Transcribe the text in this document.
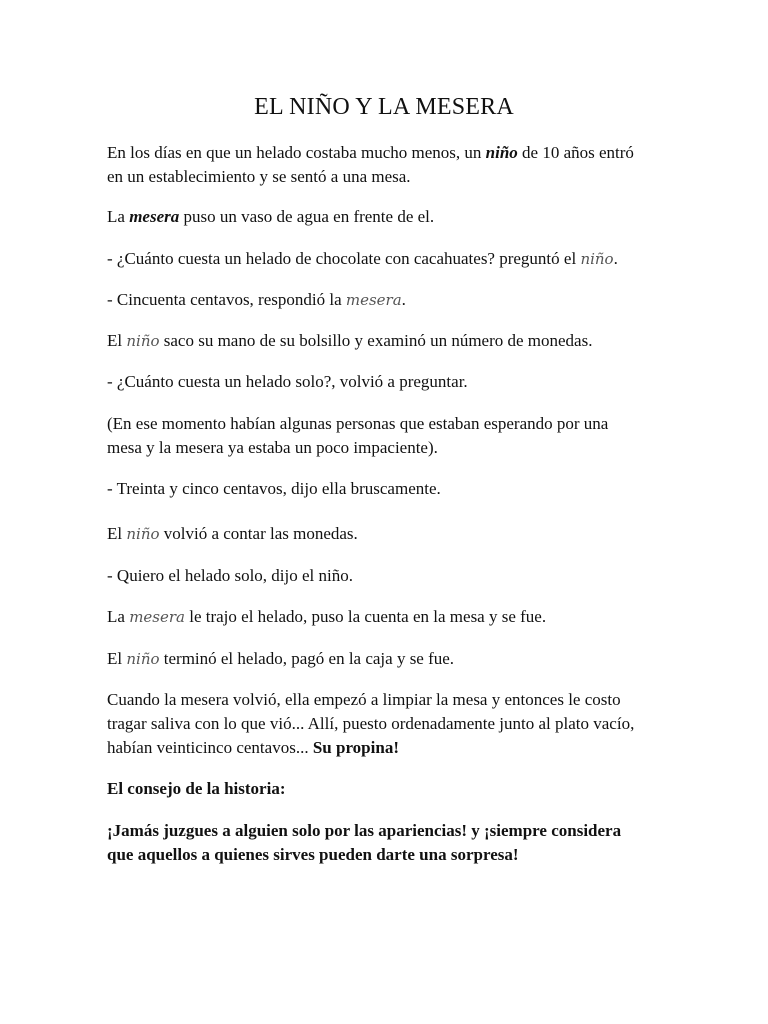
EL NIÑO Y LA MESERA
En los días en que un helado costaba mucho menos, un niño de 10 años entró
en un establecimiento y se sentó a una mesa.
La mesera puso un vaso de agua en frente de el.
- ¿Cuánto cuesta un helado de chocolate con cacahuates? preguntó el niño.
- Cincuenta centavos, respondió la mesera.
El niño saco su mano de su bolsillo y examinó un número de monedas.
- ¿Cuánto cuesta un helado solo?, volvió a preguntar.
(En ese momento habían algunas personas que estaban esperando por una
mesa y la mesera ya estaba un poco impaciente).
- Treinta y cinco centavos, dijo ella bruscamente.
El niño volvió a contar las monedas.
- Quiero el helado solo, dijo el niño.
La mesera le trajo el helado, puso la cuenta en la mesa y se fue.
El niño terminó el helado, pagó en la caja y se fue.
Cuando la mesera volvió, ella empezó a limpiar la mesa y entonces le costo
tragar saliva con lo que vió... Allí, puesto ordenadamente junto al plato vacío,
habían veinticinco centavos... Su propina!
El consejo de la historia:
¡Jamás juzgues a alguien solo por las apariencias! y ¡siempre considera
que aquellos a quienes sirves pueden darte una sorpresa!
